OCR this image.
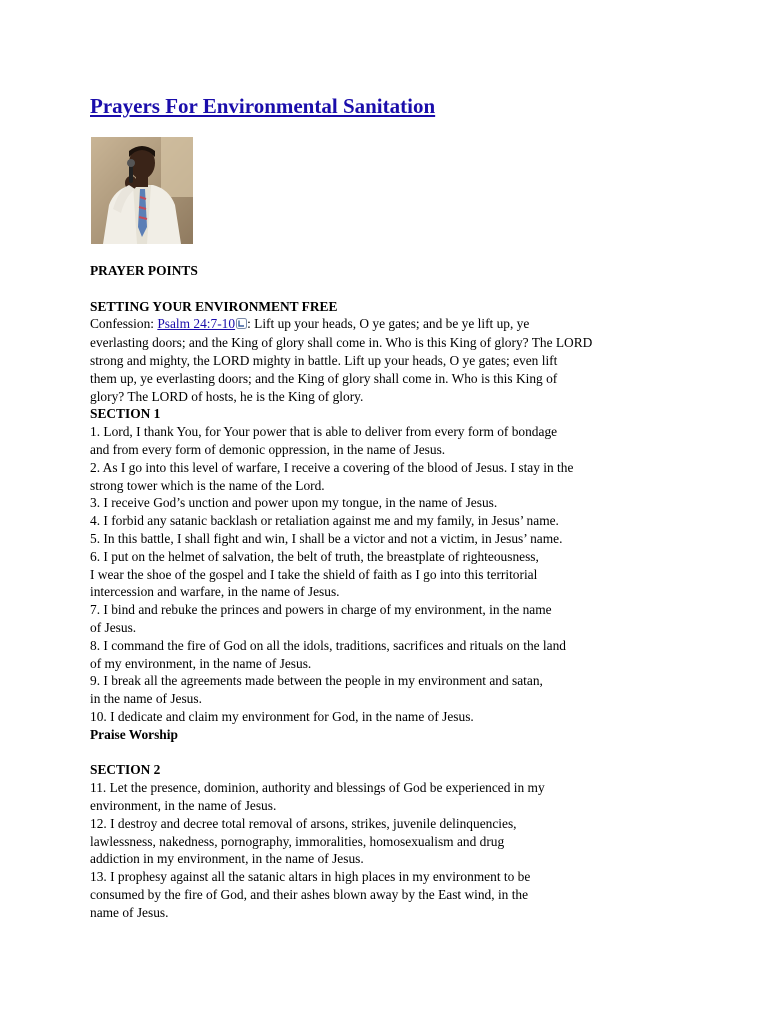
Prayers For Environmental Sanitation

PRAYER POINTS

SETTING YOUR ENVIRONMENT FREE

Confession: Psalm 24:7-10 : Lift up your heads, O ye gates; and be ye lift up, ye

everlasting doors; and the King of glory shall come in. Who is this King of glory? The LORD

strong and mighty, the LORD mighty in battle. Lift up your heads, O ye gates; even lift

them up, ye everlasting doors; and the King of glory shall come in. Who is this King of

glory? The LORD of hosts, he is the King of glory.

SECTION 1

1. Lord, I thank You, for Your power that is able to deliver from every form of bondage

and from every form of demonic oppression, in the name of Jesus.

2. As I go into this level of warfare, I receive a covering of the blood of Jesus. I stay in the

strong tower which is the name of the Lord.

3. I receive God’s unction and power upon my tongue, in the name of Jesus.

4. I forbid any satanic backlash or retaliation against me and my family, in Jesus’ name.

5. In this battle, I shall fight and win, I shall be a victor and not a victim, in Jesus’ name.

6. I put on the helmet of salvation, the belt of truth, the breastplate of righteousness,

I wear the shoe of the gospel and I take the shield of faith as I go into this territorial

intercession and warfare, in the name of Jesus.

7. I bind and rebuke the princes and powers in charge of my environment, in the name

of Jesus.

8. I command the fire of God on all the idols, traditions, sacrifices and rituals on the land

of my environment, in the name of Jesus.

9. I break all the agreements made between the people in my environment and satan,

in the name of Jesus.

10. I dedicate and claim my environment for God, in the name of Jesus.

Praise Worship

SECTION 2

11. Let the presence, dominion, authority and blessings of God be experienced in my

environment, in the name of Jesus.

12. I destroy and decree total removal of arsons, strikes, juvenile delinquencies,

lawlessness, nakedness, pornography, immoralities, homosexualism and drug

addiction in my environment, in the name of Jesus.

13. I prophesy against all the satanic altars in high places in my environment to be

consumed by the fire of God, and their ashes blown away by the East wind, in the

name of Jesus.
